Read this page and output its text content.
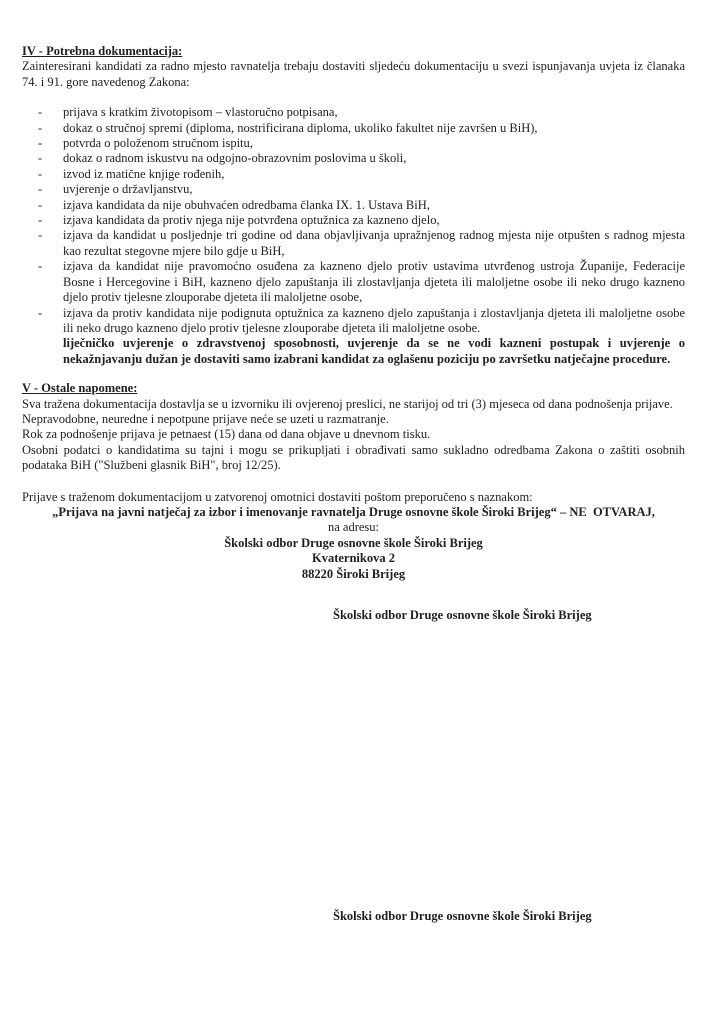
IV - Potrebna dokumentacija:
Zainteresirani kandidati za radno mjesto ravnatelja trebaju dostaviti sljedeću dokumentaciju u svezi ispunjavanja uvjeta iz članaka 74. i 91. gore navedenog Zakona:
- prijava s kratkim životopisom – vlastoručno potpisana,
- dokaz o stručnoj spremi (diploma, nostrificirana diploma, ukoliko fakultet nije završen u BiH),
- potvrda o položenom stručnom ispitu,
- dokaz o radnom iskustvu na odgojno-obrazovnim poslovima u školi,
- izvod iz matične knjige rođenih,
- uvjerenje o državljanstvu,
- izjava kandidata da nije obuhvaćen odredbama članka IX. 1. Ustava BiH,
- izjava kandidata da protiv njega nije potvrđena optužnica za kazneno djelo,
- izjava da kandidat u posljednje tri godine od dana objavljivanja upražnjenog radnog mjesta nije otpušten s radnog mjesta kao rezultat stegovne mjere bilo gdje u BiH,
- izjava da kandidat nije pravomoćno osuđena za kazneno djelo protiv ustavima utvrđenog ustroja Županije, Federacije Bosne i Hercegovine i BiH, kazneno djelo zapuštanja ili zlostavljanja djeteta ili maloljetne osobe ili neko drugo kazneno djelo protiv tjelesne zlouporabe djeteta ili maloljetne osobe,
- izjava da protiv kandidata nije podignuta optužnica za kazneno djelo zapuštanja i zlostavljanja djeteta ili maloljetne osobe ili neko drugo kazneno djelo protiv tjelesne zlouporabe djeteta ili maloljetne osobe.
liječničko uvjerenje o zdravstvenoj sposobnosti, uvjerenje da se ne vodi kazneni postupak i uvjerenje o nekažnjavanju dužan je dostaviti samo izabrani kandidat za oglašenu poziciju po završetku natječajne procedure.
V - Ostale napomene:
Sva tražena dokumentacija dostavlja se u izvorniku ili ovjerenoj preslici, ne starijoj od tri (3) mjeseca od dana podnošenja prijave.
Nepravodobne, neuredne i nepotpune prijave neće se uzeti u razmatranje.
Rok za podnošenje prijava je petnaest (15) dana od dana objave u dnevnom tisku.
Osobni podatci o kandidatima su tajni i mogu se prikupljati i obrađivati samo sukladno odredbama Zakona o zaštiti osobnih podataka BiH ("Službeni glasnik BiH", broj 12/25).
Prijave s traženom dokumentacijom u zatvorenoj omotnici dostaviti poštom preporučeno s naznakom:
„Prijava na javni natječaj za izbor i imenovanje ravnatelja Druge osnovne škole Široki Brijeg“ – NE  OTVARAJ,
na adresu:
Školski odbor Druge osnovne škole Široki Brijeg
Kvaternikova 2
88220 Široki Brijeg
Školski odbor Druge osnovne škole Široki Brijeg
Školski odbor Druge osnovne škole Široki Brijeg
